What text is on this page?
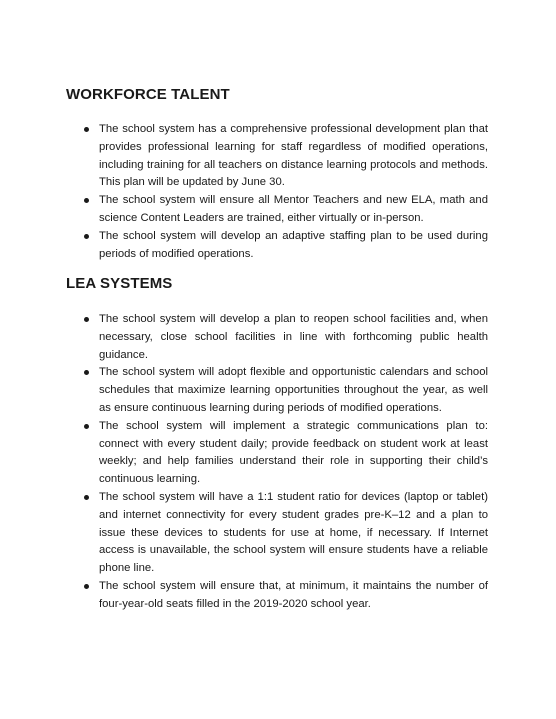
WORKFORCE TALENT
The school system has a comprehensive professional development plan that provides professional learning for staff regardless of modified operations, including training for all teachers on distance learning protocols and methods. This plan will be updated by June 30.
The school system will ensure all Mentor Teachers and new ELA, math and science Content Leaders are trained, either virtually or in-person.
The school system will develop an adaptive staffing plan to be used during periods of modified operations.
LEA SYSTEMS
The school system will develop a plan to reopen school facilities and, when necessary, close school facilities in line with forthcoming public health guidance.
The school system will adopt flexible and opportunistic calendars and school schedules that maximize learning opportunities throughout the year, as well as ensure continuous learning during periods of modified operations.
The school system will implement a strategic communications plan to: connect with every student daily; provide feedback on student work at least weekly; and help families understand their role in supporting their child’s continuous learning.
The school system will have a 1:1 student ratio for devices (laptop or tablet) and internet connectivity for every student grades pre-K–12 and a plan to issue these devices to students for use at home, if necessary. If Internet access is unavailable, the school system will ensure students have a reliable phone line.
The school system will ensure that, at minimum, it maintains the number of four-year-old seats filled in the 2019-2020 school year.
